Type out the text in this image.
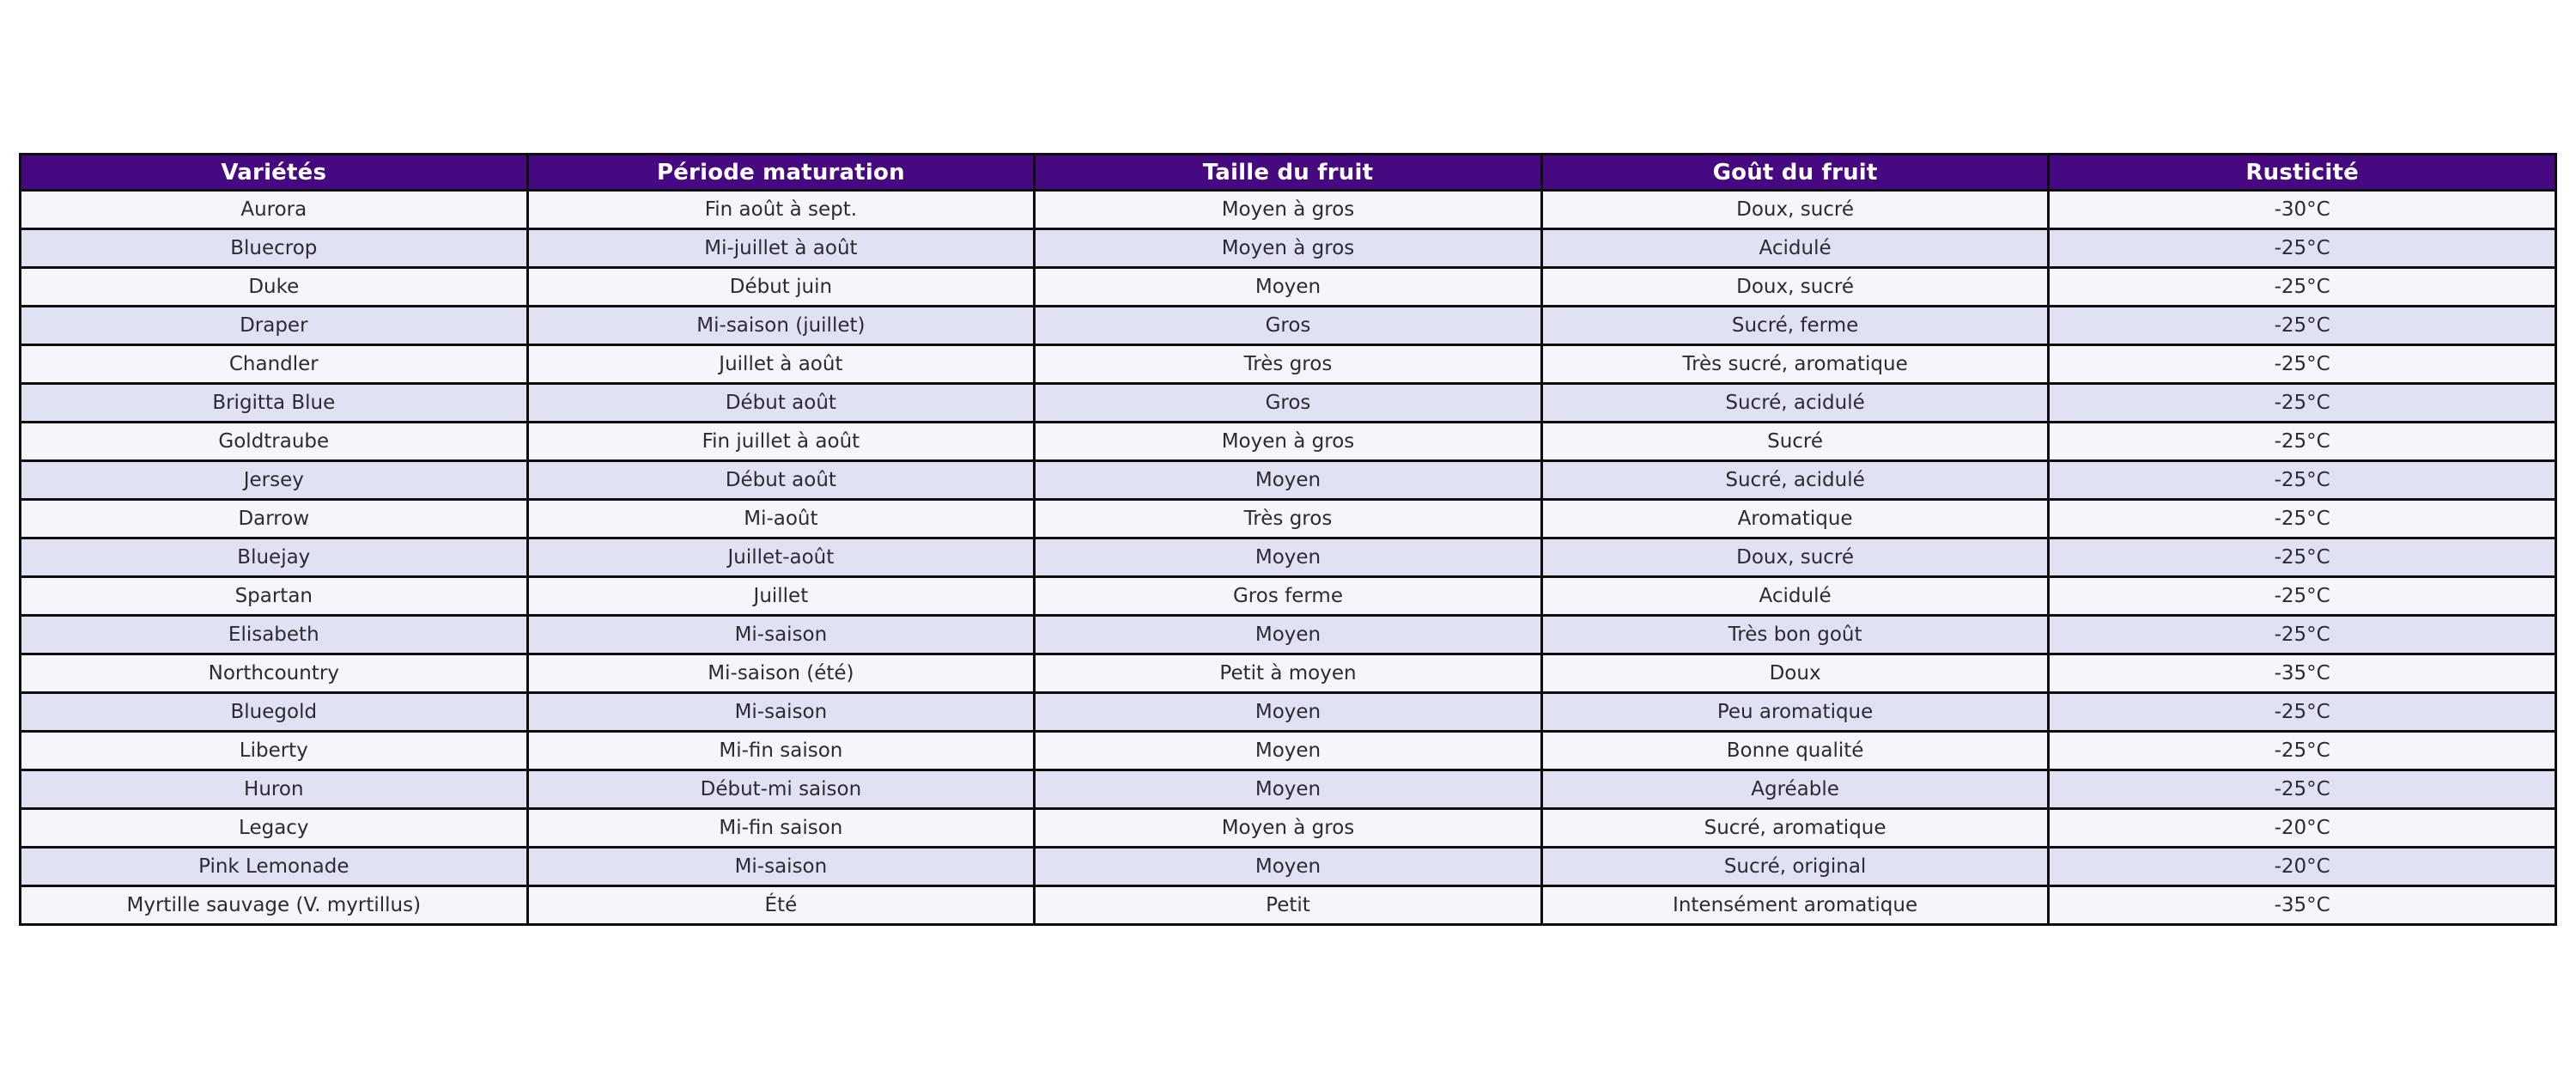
Variétés	Période maturation	Taille du fruit	Goût du fruit	Rusticité
Aurora	Fin août à sept.	Moyen à gros	Doux, sucré	-30°C
Bluecrop	Mi-juillet à août	Moyen à gros	Acidulé	-25°C
Duke	Début juin	Moyen	Doux, sucré	-25°C
Draper	Mi-saison (juillet)	Gros	Sucré, ferme	-25°C
Chandler	Juillet à août	Très gros	Très sucré, aromatique	-25°C
Brigitta Blue	Début août	Gros	Sucré, acidulé	-25°C
Goldtraube	Fin juillet à août	Moyen à gros	Sucré	-25°C
Jersey	Début août	Moyen	Sucré, acidulé	-25°C
Darrow	Mi-août	Très gros	Aromatique	-25°C
Bluejay	Juillet-août	Moyen	Doux, sucré	-25°C
Spartan	Juillet	Gros ferme	Acidulé	-25°C
Elisabeth	Mi-saison	Moyen	Très bon goût	-25°C
Northcountry	Mi-saison (été)	Petit à moyen	Doux	-35°C
Bluegold	Mi-saison	Moyen	Peu aromatique	-25°C
Liberty	Mi-fin saison	Moyen	Bonne qualité	-25°C
Huron	Début-mi saison	Moyen	Agréable	-25°C
Legacy	Mi-fin saison	Moyen à gros	Sucré, aromatique	-20°C
Pink Lemonade	Mi-saison	Moyen	Sucré, original	-20°C
Myrtille sauvage (V. myrtillus)	Été	Petit	Intensément aromatique	-35°C
